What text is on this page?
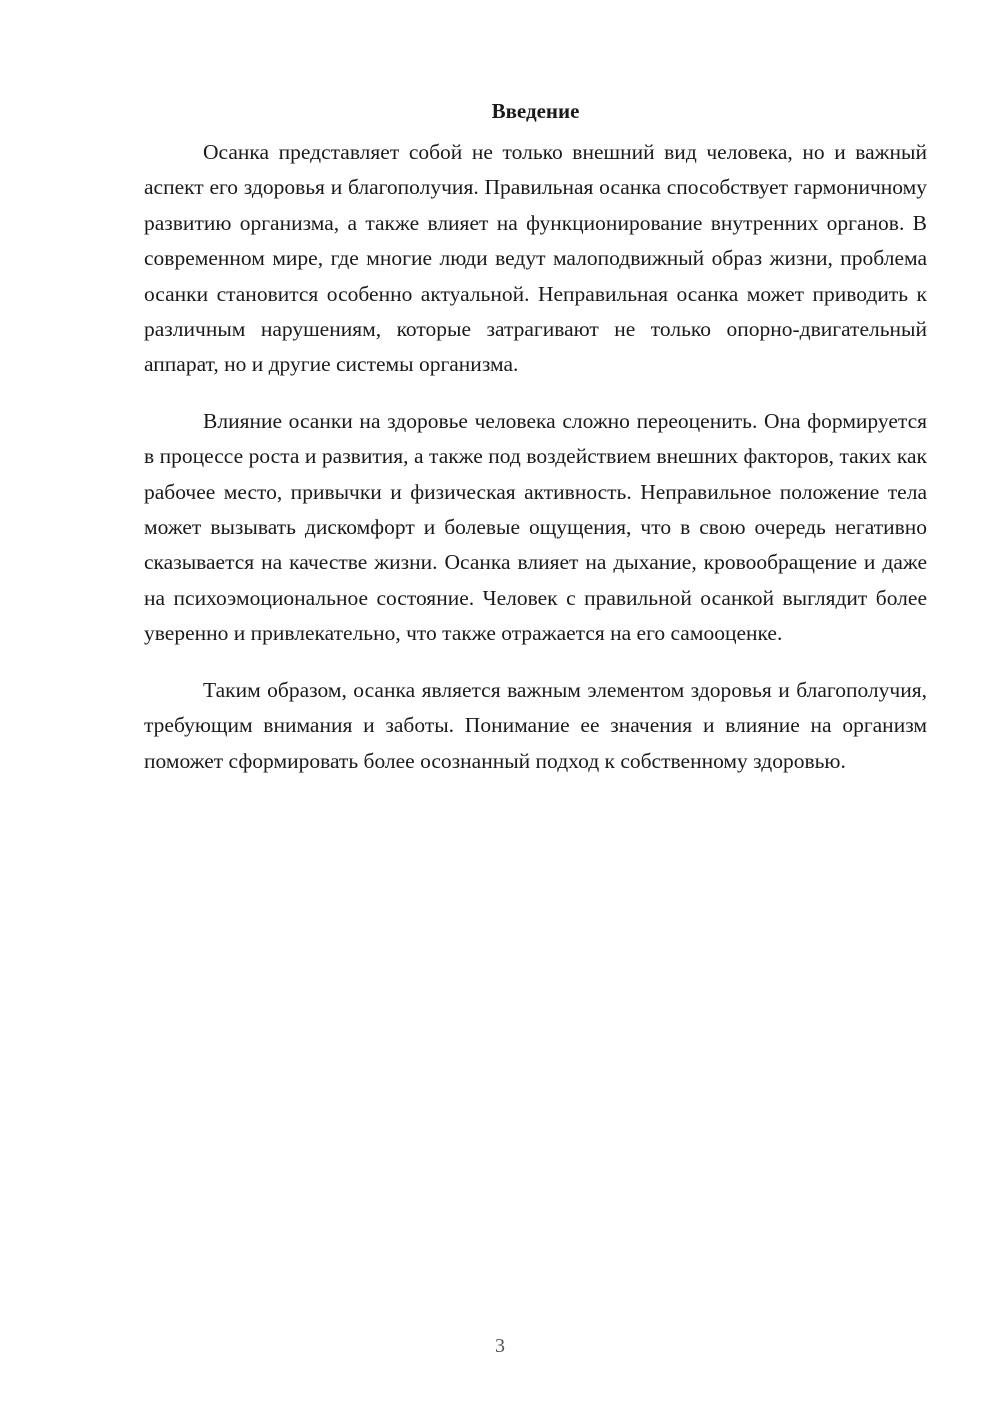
Введение

Осанка представляет собой не только внешний вид человека, но и важный аспект его здоровья и благополучия. Правильная осанка способствует гармоничному развитию организма, а также влияет на функционирование внутренних органов. В современном мире, где многие люди ведут малоподвижный образ жизни, проблема осанки становится особенно актуальной. Неправильная осанка может приводить к различным нарушениям, которые затрагивают не только опорно-двигательный аппарат, но и другие системы организма.

Влияние осанки на здоровье человека сложно переоценить. Она формируется в процессе роста и развития, а также под воздействием внешних факторов, таких как рабочее место, привычки и физическая активность. Неправильное положение тела может вызывать дискомфорт и болевые ощущения, что в свою очередь негативно сказывается на качестве жизни. Осанка влияет на дыхание, кровообращение и даже на психоэмоциональное состояние. Человек с правильной осанкой выглядит более уверенно и привлекательно, что также отражается на его самооценке.

Таким образом, осанка является важным элементом здоровья и благополучия, требующим внимания и заботы. Понимание ее значения и влияние на организм поможет сформировать более осознанный подход к собственному здоровью.

3
